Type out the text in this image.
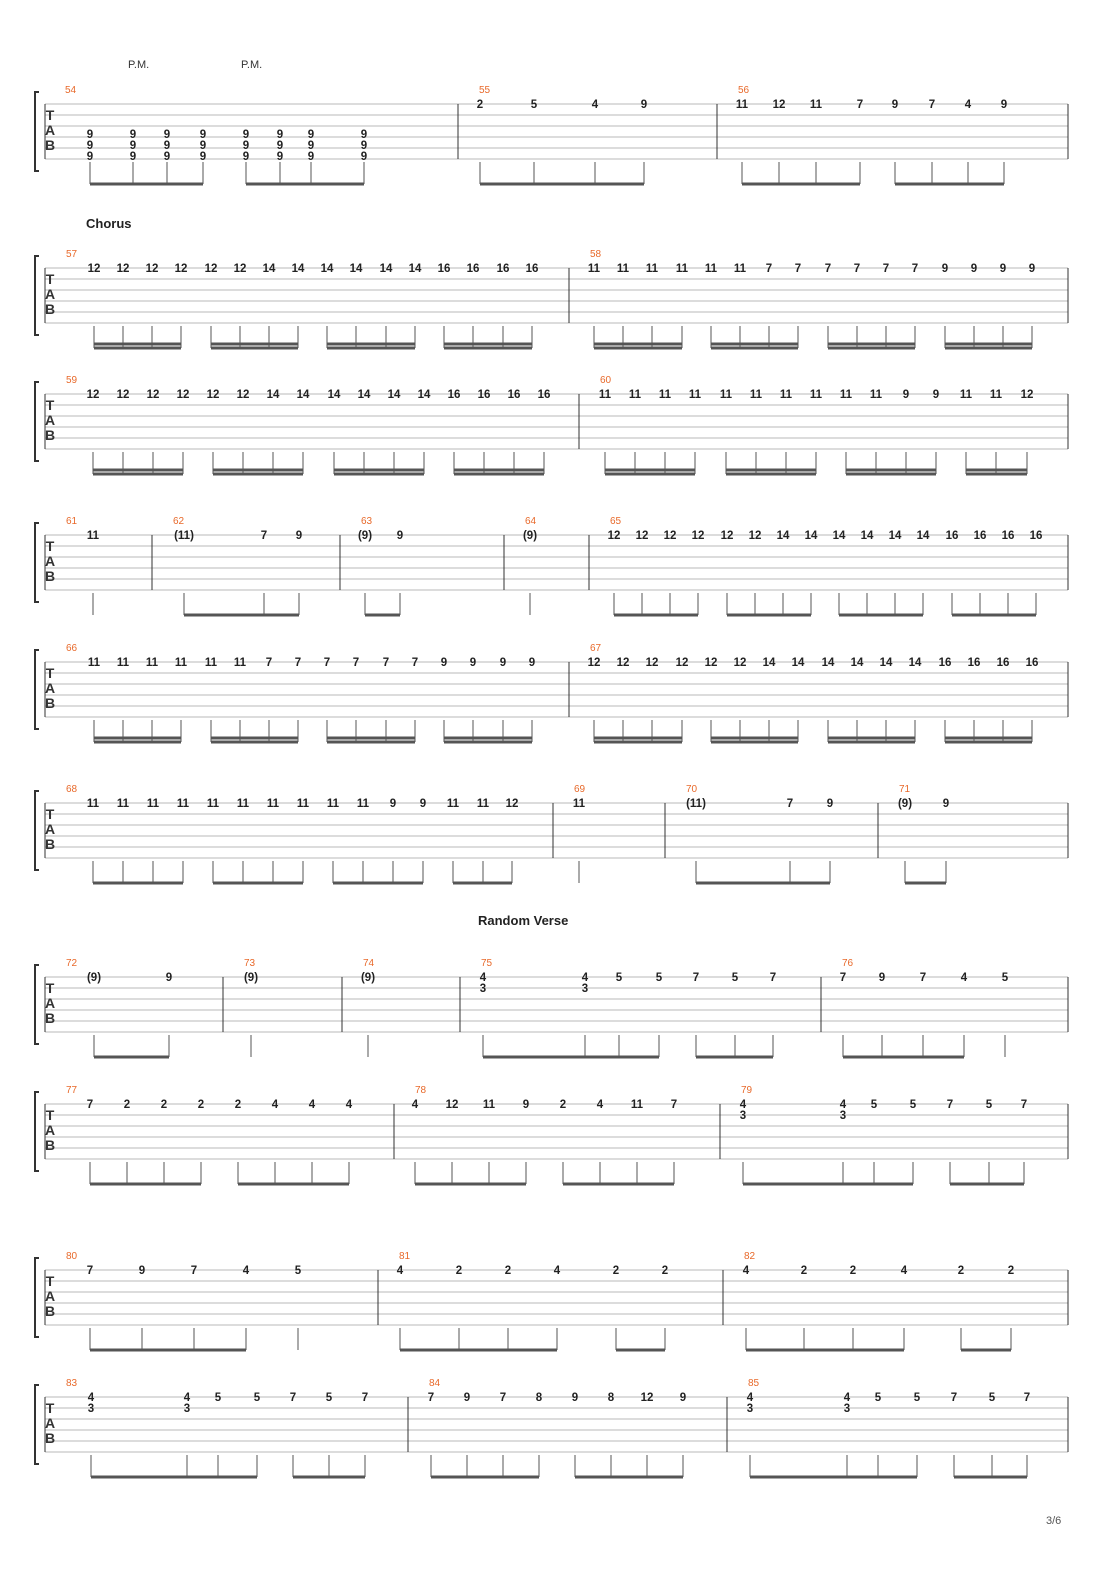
Chorus
Random Verse
P.M.	P.M.
3/6
T
A
B
54
9
9
9
9
9
9
9
9
9
9
9
9
9
9
9
9
9
9
9
9
9
9
9
9
55
2	5	4	9
56
11 12 11	7 9	7	4	9
T
A
B
57
12 12 12 12 12 12 14 14 14 14 14 14 16 16 16 16
58
11 11 11 11 11 11 7 7 7 7 7 7 9 9 9 9
T
A
B
59
12 12 12 12 12 12 14 14 14 14 14 14 16 16 16 16
60
11 11 11 11 11 11 11 11 11 11 9 9 11 11 12
T
A
B
61
11
62
(11)	7 9
63
(9) 9
64
(9)
65
12 12 12 12 12 12 14 14 14 14 14 14 16 16 16 16
T
A
B
66
11 11 11 11 11 11 7 7 7 7 7 7 9 9 9 9
67
12 12 12 12 12 12 14 14 14 14 14 14 16 16 16 16
T
A
B
68
11 11 11 11 11 11 11 11 11 11 9 9 11 11 12
69
11
70
(11)	7	9
71
(9)	9
T
A
B
72
(9)	9
73
(9)
74
(9)
75
4
3
4
3
5	5	7	5	7
76
7	9	7	4	5
T
A
B
77
7	2	2	2	2	4	4	4
78
4 12 11 9	2	4 11 7
79
4
3
4
3
5	5	7	5 7
T
A
B
80
7	9	7	4	5
81
4	2	2	4	2	2
82
4	2	2	4	2	2
T
A
B
83
4
3
4
3
5	5	7	5	7
84
7	9	7	8	9	8 12 9
85
4
3
4
3
5	5	7	5 7
